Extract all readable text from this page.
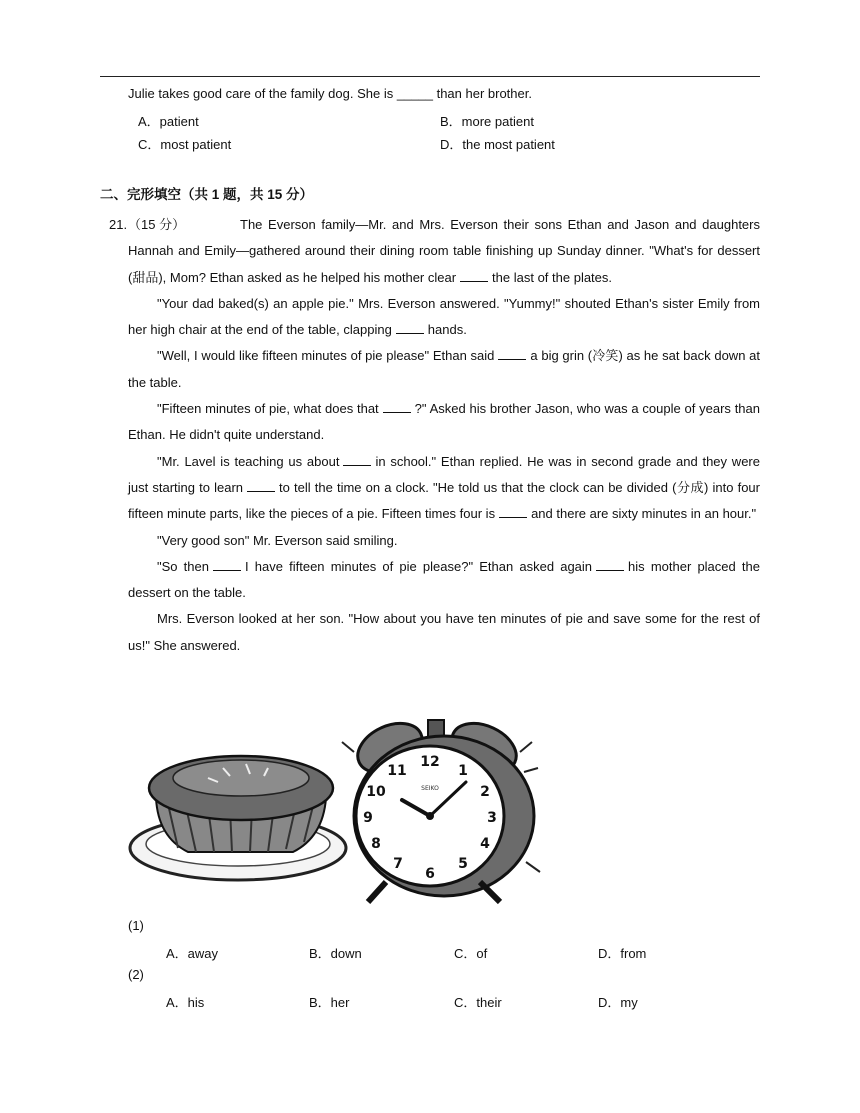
Julie takes good care of the family dog. She is _____ than her brother.
A．patient	B．more patient
C．most patient	D．the most patient
二、完形填空（共 1 题，共 15 分）
21. （15 分）	The Everson family—Mr. and Mrs. Everson their sons Ethan and Jason and daughters Hannah and Emily—gathered around their dining room table finishing up Sunday dinner. "What's for dessert (甜品), Mom? Ethan asked as he helped his mother clear	the last of the plates.

"Your dad baked(s) an apple pie." Mrs. Everson answered. "Yummy!" shouted Ethan's sister Emily from her high chair at the end of the table, clapping	hands.

"Well, I would like fifteen minutes of pie please" Ethan said	a big grin (冷笑) as he sat back down at the table.

"Fifteen minutes of pie, what does that	?" Asked his brother Jason, who was a couple of years than Ethan. He didn't quite understand.

"Mr. Lavel is teaching us about	in school." Ethan replied. He was in second grade and they were just starting to learn	to tell the time on a clock. "He told us that the clock can be divided (分成) into four fifteen minute parts, like the pieces of a pie. Fifteen times four is	and there are sixty minutes in an hour."

"Very good son" Mr. Everson said smiling.

"So then	I have fifteen minutes of pie please?" Ethan asked again	his mother placed the dessert on the table.

Mrs. Everson looked at her son. "How about you have ten minutes of pie and save some for the rest of us!" She answered.

12
1
2
3
4
5
6
7
8
9
10
11
SEIKO
(1)
A．away	B．down	C．of	D．from
(2)
A．his	B．her	C．their	D．my
